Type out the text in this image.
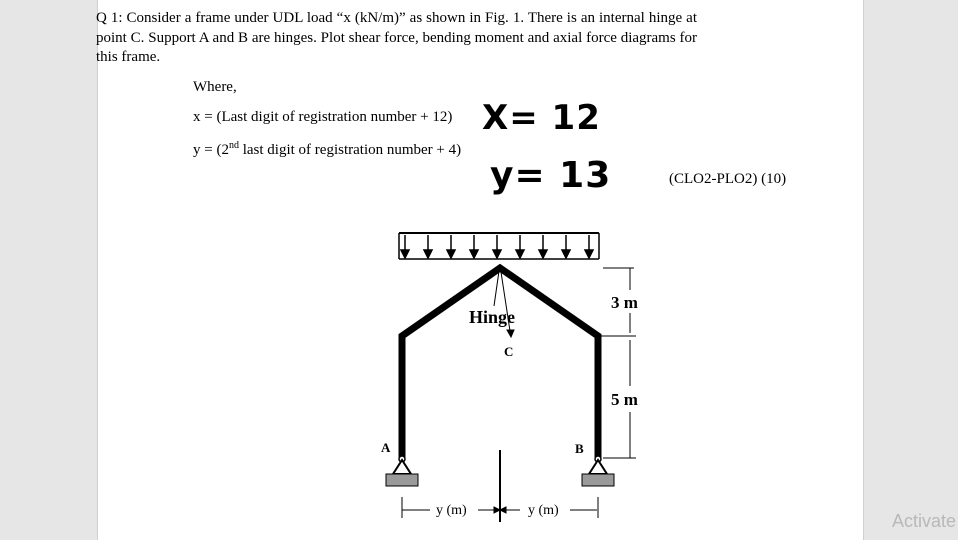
Q 1: Consider a frame under UDL load “x (kN/m)” as shown in Fig. 1. There is an internal hinge at point C. Support A and B are hinges. Plot shear force, bending moment and axial force diagrams for this frame.
Where,
x = (Last digit of registration number + 12)
y = (2nd last digit of registration number + 4)
X= 12
y= 13	(CLO2-PLO2) (10)
Hinge
C
A	B
3 m
5 m
y (m)	y (m)
Activate
